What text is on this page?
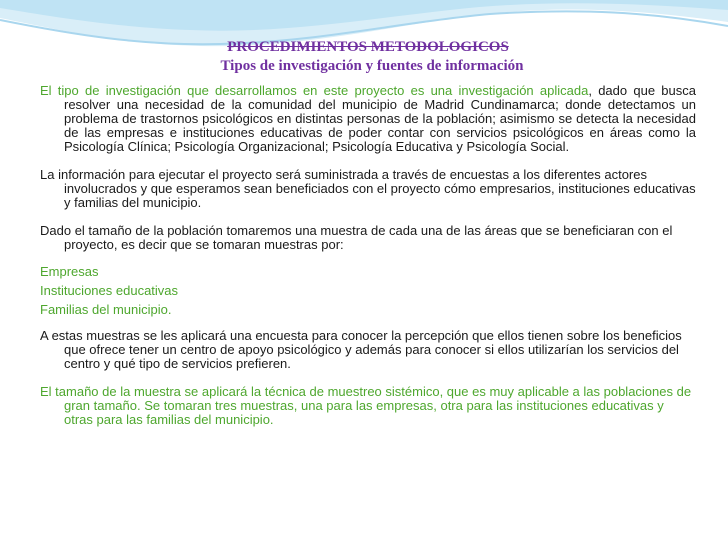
PROCEDIMIENTOS METODOLOGICOS
Tipos de investigación y fuentes de información

El tipo de investigación que desarrollamos en este proyecto es una investigación aplicada, dado que busca resolver una necesidad de la comunidad del municipio de Madrid Cundinamarca; donde detectamos un problema de trastornos psicológicos en distintas personas de la población; asimismo se detecta la necesidad de las empresas e instituciones educativas de poder contar con servicios psicológicos en áreas como la Psicología Clínica; Psicología Organizacional; Psicología Educativa y Psicología Social.

La información para ejecutar el proyecto será suministrada a través de encuestas a los diferentes actores involucrados y que esperamos sean beneficiados con el proyecto cómo empresarios, instituciones educativas y familias del municipio.

Dado el tamaño de la población tomaremos una muestra de cada una de las áreas que se beneficiaran con el proyecto, es decir que se tomaran muestras por:

Empresas

Instituciones educativas

Familias del municipio.

A estas muestras se les aplicará una encuesta para conocer la percepción que ellos tienen sobre los beneficios que ofrece tener un centro de apoyo psicológico y además para conocer si ellos utilizarían los servicios del centro y qué tipo de servicios prefieren.

El tamaño de la muestra se aplicará la técnica de muestreo sistémico, que es muy aplicable a las poblaciones de gran tamaño. Se tomaran tres muestras, una para las empresas, otra para las instituciones educativas y otras para las familias del municipio.
